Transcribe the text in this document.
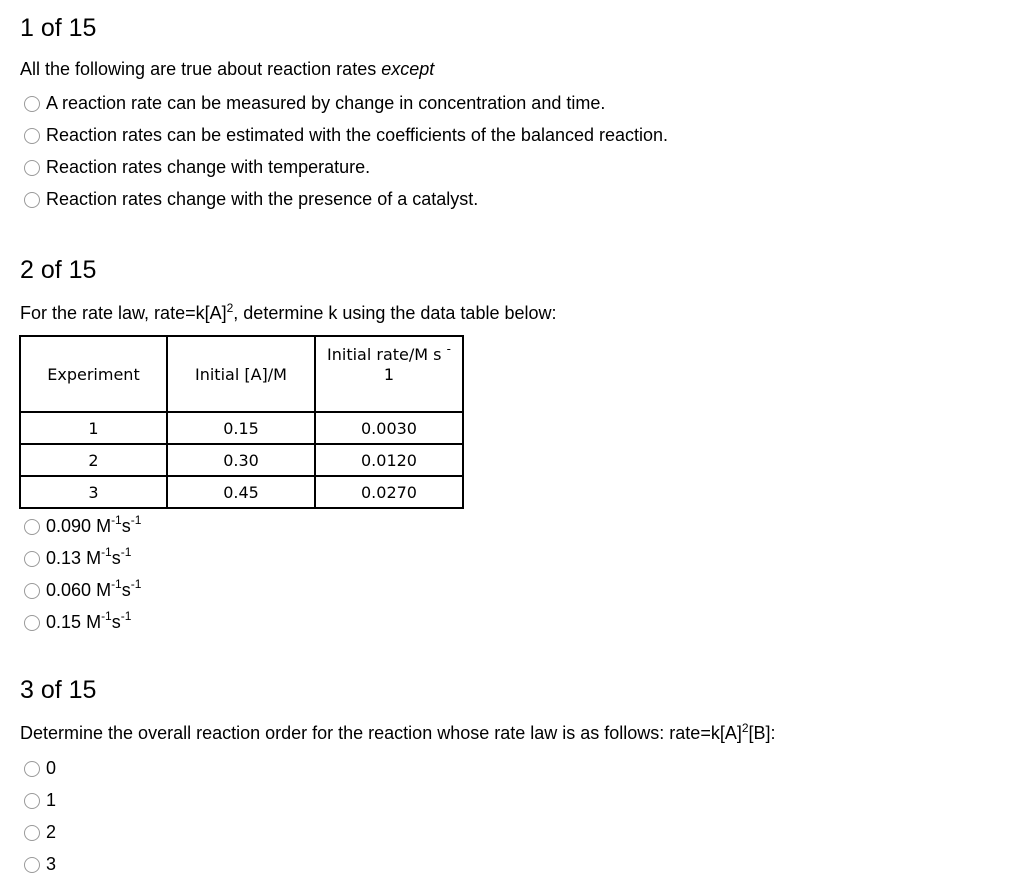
1 of 15
All the following are true about reaction rates except
A reaction rate can be measured by change in concentration and time.
Reaction rates can be estimated with the coefficients of the balanced reaction.
Reaction rates change with temperature.
Reaction rates change with the presence of a catalyst.
2 of 15
For the rate law, $rate=k[A]^2$, determine k using the data table below:
Experiment	Initial [A]/M	Initial rate/M s -
1

1	0.15	0.0030
2	0.30	0.0120
3	0.45	0.0270
0.090 $M^{-1}s^{-1}$
0.13 $M^{-1}s^{-1}$
0.060 $M^{-1}s^{-1}$
0.15 $M^{-1}s^{-1}$
3 of 15
Determine the overall reaction order for the reaction whose rate law is as follows: $rate=k[A]^2[B]$:
0
1
2
3
